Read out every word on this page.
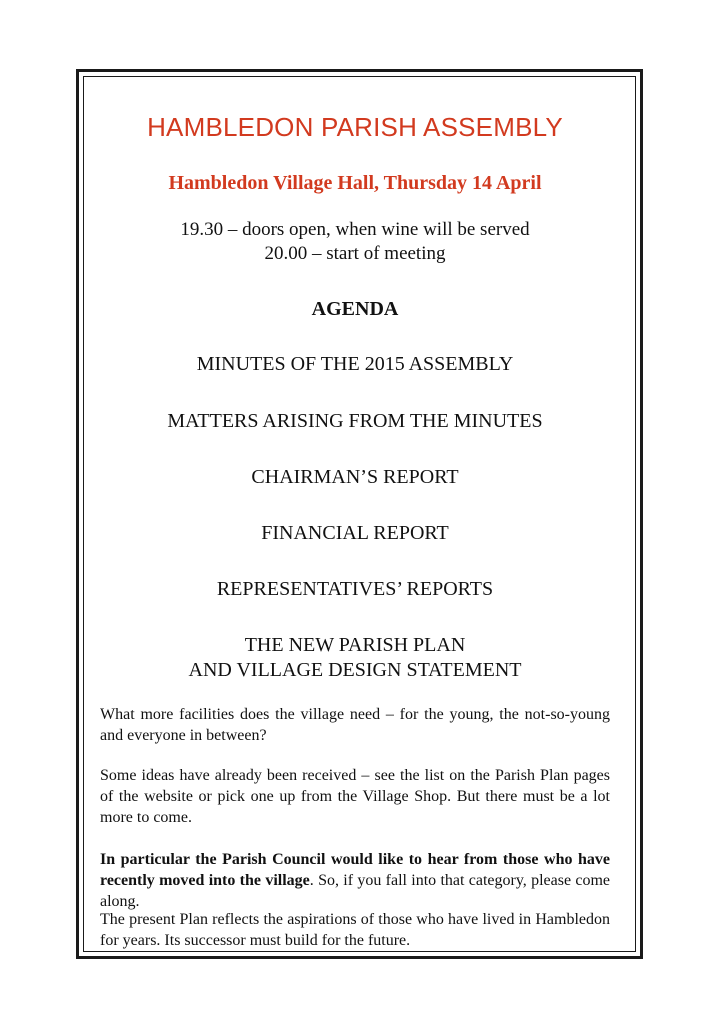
HAMBLEDON PARISH ASSEMBLY
Hambledon Village Hall, Thursday 14 April
19.30 – doors open, when wine will be served
20.00 – start of meeting
AGENDA
MINUTES OF THE 2015 ASSEMBLY
MATTERS ARISING FROM THE MINUTES
CHAIRMAN’S REPORT
FINANCIAL REPORT
REPRESENTATIVES’ REPORTS
THE NEW PARISH PLAN
AND VILLAGE DESIGN STATEMENT
What more facilities does the village need – for the young, the not-so-young and everyone in between?
Some ideas have already been received – see the list on the Parish Plan pages of the website or pick one up from the Village Shop. But there must be a lot more to come.
In particular the Parish Council would like to hear from those who have recently moved into the village. So, if you fall into that category, please come along.
The present Plan reflects the aspirations of those who have lived in Hambledon for years. Its successor must build for the future.
